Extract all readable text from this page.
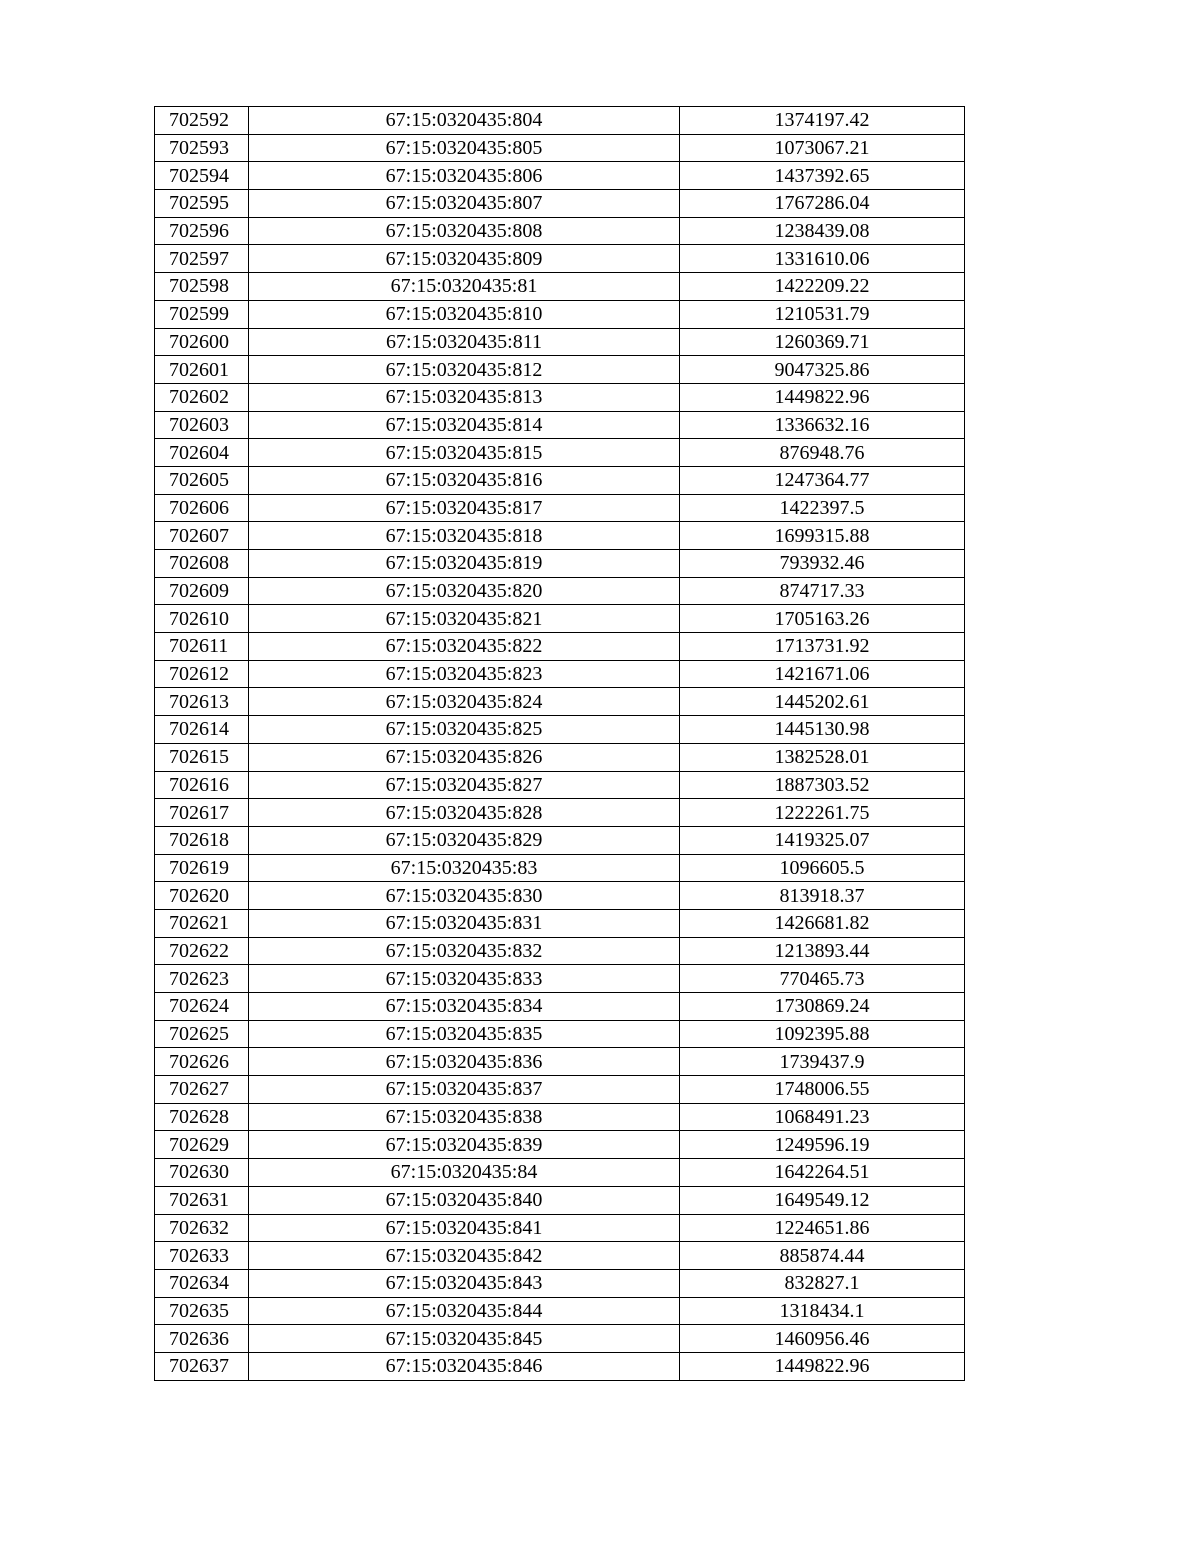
702592	67:15:0320435:804	1374197.42
702593	67:15:0320435:805	1073067.21
702594	67:15:0320435:806	1437392.65
702595	67:15:0320435:807	1767286.04
702596	67:15:0320435:808	1238439.08
702597	67:15:0320435:809	1331610.06
702598	67:15:0320435:81	1422209.22
702599	67:15:0320435:810	1210531.79
702600	67:15:0320435:811	1260369.71
702601	67:15:0320435:812	9047325.86
702602	67:15:0320435:813	1449822.96
702603	67:15:0320435:814	1336632.16
702604	67:15:0320435:815	876948.76
702605	67:15:0320435:816	1247364.77
702606	67:15:0320435:817	1422397.5
702607	67:15:0320435:818	1699315.88
702608	67:15:0320435:819	793932.46
702609	67:15:0320435:820	874717.33
702610	67:15:0320435:821	1705163.26
702611	67:15:0320435:822	1713731.92
702612	67:15:0320435:823	1421671.06
702613	67:15:0320435:824	1445202.61
702614	67:15:0320435:825	1445130.98
702615	67:15:0320435:826	1382528.01
702616	67:15:0320435:827	1887303.52
702617	67:15:0320435:828	1222261.75
702618	67:15:0320435:829	1419325.07
702619	67:15:0320435:83	1096605.5
702620	67:15:0320435:830	813918.37
702621	67:15:0320435:831	1426681.82
702622	67:15:0320435:832	1213893.44
702623	67:15:0320435:833	770465.73
702624	67:15:0320435:834	1730869.24
702625	67:15:0320435:835	1092395.88
702626	67:15:0320435:836	1739437.9
702627	67:15:0320435:837	1748006.55
702628	67:15:0320435:838	1068491.23
702629	67:15:0320435:839	1249596.19
702630	67:15:0320435:84	1642264.51
702631	67:15:0320435:840	1649549.12
702632	67:15:0320435:841	1224651.86
702633	67:15:0320435:842	885874.44
702634	67:15:0320435:843	832827.1
702635	67:15:0320435:844	1318434.1
702636	67:15:0320435:845	1460956.46
702637	67:15:0320435:846	1449822.96
